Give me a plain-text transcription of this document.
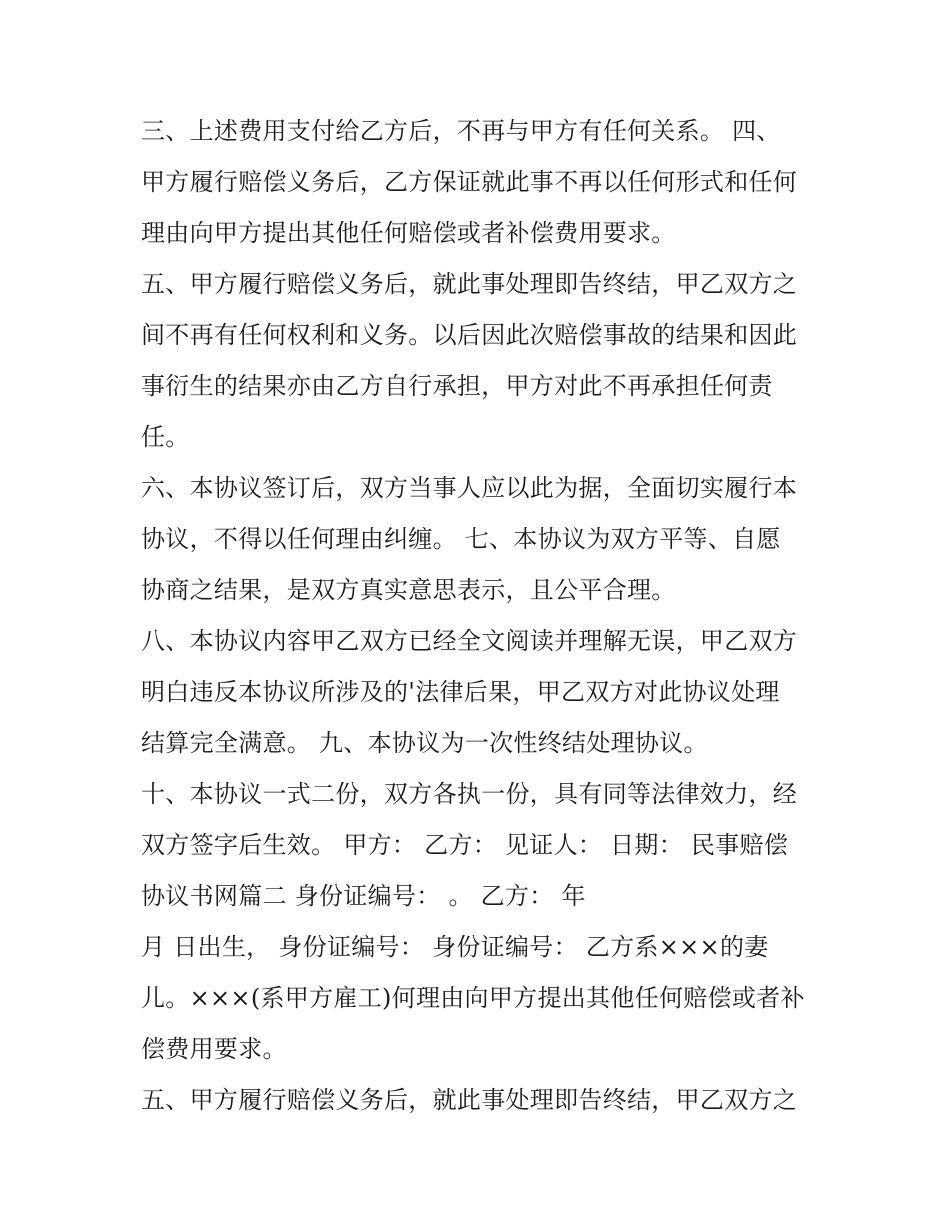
三、上述费用支付给乙方后，不再与甲方有任何关系。 四、
甲方履行赔偿义务后，乙方保证就此事不再以任何形式和任何
理由向甲方提出其他任何赔偿或者补偿费用要求。
五、甲方履行赔偿义务后，就此事处理即告终结，甲乙双方之
间不再有任何权利和义务。以后因此次赔偿事故的结果和因此
事衍生的结果亦由乙方自行承担，甲方对此不再承担任何责
任。
六、本协议签订后，双方当事人应以此为据，全面切实履行本
协议，不得以任何理由纠缠。 七、本协议为双方平等、自愿
协商之结果，是双方真实意思表示，且公平合理。
八、本协议内容甲乙双方已经全文阅读并理解无误，甲乙双方
明白违反本协议所涉及的'法律后果，甲乙双方对此协议处理
结算完全满意。 九、本协议为一次性终结处理协议。
十、本协议一式二份，双方各执一份，具有同等法律效力，经
双方签字后生效。 甲方： 乙方： 见证人： 日期： 民事赔偿
协议书网篇二 身份证编号： 。 乙方： 年
月 日出生， 身份证编号： 身份证编号： 乙方系×××的妻
儿。×××(系甲方雇工)何理由向甲方提出其他任何赔偿或者补
偿费用要求。
五、甲方履行赔偿义务后，就此事处理即告终结，甲乙双方之
